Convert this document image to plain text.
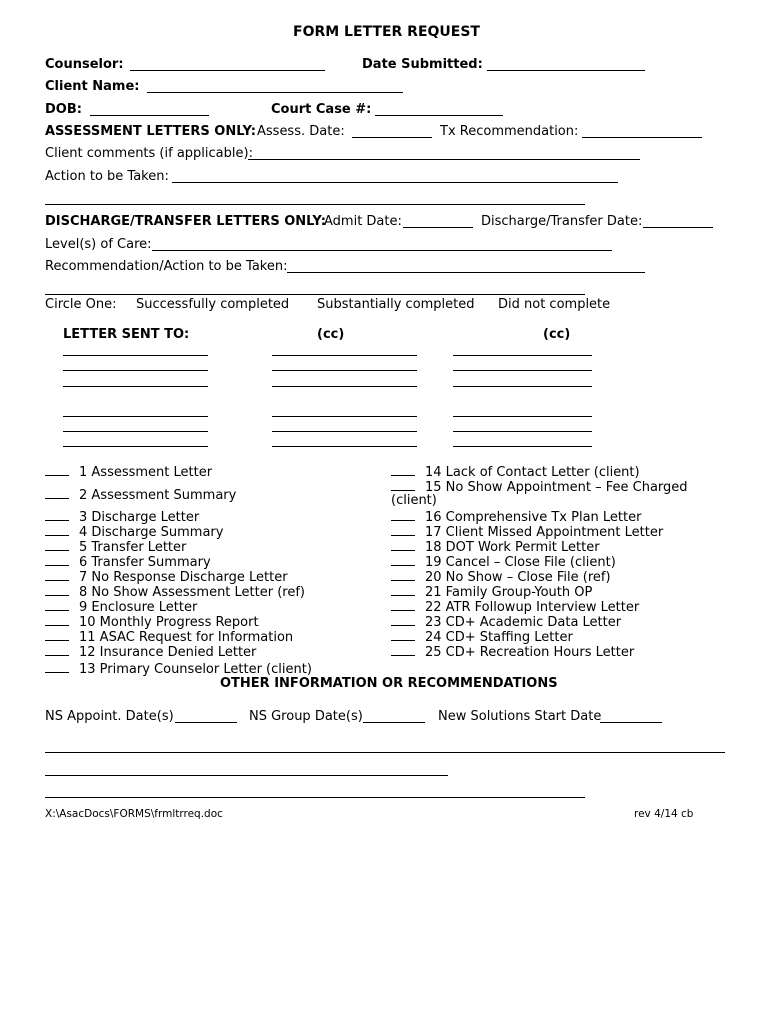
FORM LETTER REQUEST
Counselor:	Date Submitted:
Client Name:
DOB:	Court Case #:
ASSESSMENT LETTERS ONLY: Assess. Date:	Tx Recommendation:
Client comments (if applicable):
Action to be Taken:
DISCHARGE/TRANSFER LETTERS ONLY:
Admit Date:	Discharge/Transfer Date:
Level(s) of Care:
Recommendation/Action to be Taken:
Circle One: Successfully completed Substantially completed Did not complete
LETTER SENT TO:	(cc)	(cc)
1 Assessment Letter
2 Assessment Summary
3 Discharge Letter
4 Discharge Summary
5 Transfer Letter
6 Transfer Summary
7 No Response Discharge Letter
8 No Show Assessment Letter (ref)
9 Enclosure Letter
10 Monthly Progress Report
11 ASAC Request for Information
12 Insurance Denied Letter
13 Primary Counselor Letter (client)
14 Lack of Contact Letter (client)
15 No Show Appointment – Fee Charged
(client)
16 Comprehensive Tx Plan Letter
17 Client Missed Appointment Letter
18 DOT Work Permit Letter
19 Cancel – Close File (client)
20 No Show – Close File (ref)
21 Family Group-Youth OP
22 ATR Followup Interview Letter
23 CD+ Academic Data Letter
24 CD+ Staffing Letter
25 CD+ Recreation Hours Letter
OTHER INFORMATION OR RECOMMENDATIONS
NS Appoint. Date(s)	NS Group Date(s)	New Solutions Start Date
X:\AsacDocs\FORMS\frmltrreq.doc	rev 4/14 cb
